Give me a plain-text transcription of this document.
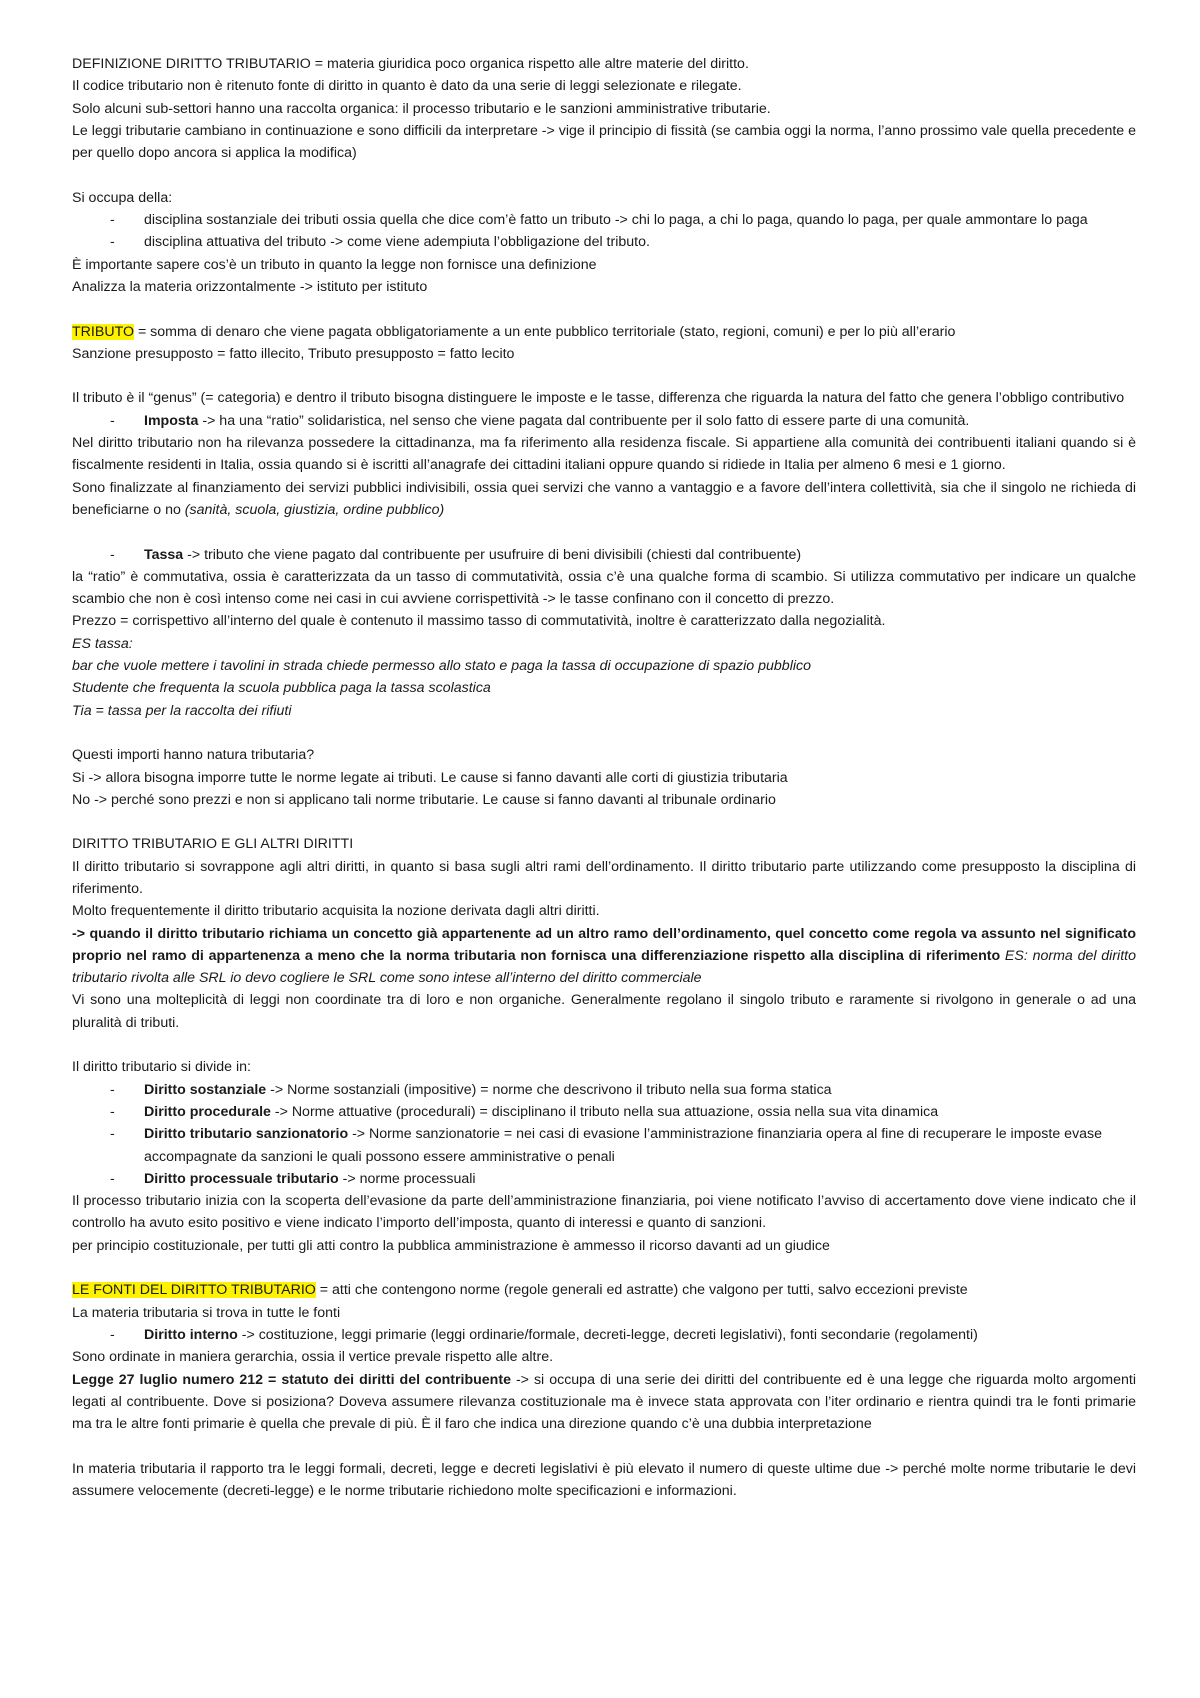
DEFINIZIONE DIRITTO TRIBUTARIO = materia giuridica poco organica rispetto alle altre materie del diritto.

Il codice tributario non è ritenuto fonte di diritto in quanto è dato da una serie di leggi selezionate e rilegate.

Solo alcuni sub-settori hanno una raccolta organica: il processo tributario e le sanzioni amministrative tributarie.

Le leggi tributarie cambiano in continuazione e sono difficili da interpretare -> vige il principio di fissità (se cambia oggi la norma, l’anno prossimo vale quella precedente e per quello dopo ancora si applica la modifica)

Si occupa della:

-	disciplina sostanziale dei tributi ossia quella che dice com’è fatto un tributo -> chi lo paga, a chi lo paga, quando lo paga, per quale ammontare lo paga
-	disciplina attuativa del tributo -> come viene adempiuta l’obbligazione del tributo.

È importante sapere cos’è un tributo in quanto la legge non fornisce una definizione

Analizza la materia orizzontalmente -> istituto per istituto

TRIBUTO = somma di denaro che viene pagata obbligatoriamente a un ente pubblico territoriale (stato, regioni, comuni) e per lo più all’erario

Sanzione presupposto = fatto illecito, Tributo presupposto = fatto lecito

Il tributo è il “genus” (= categoria) e dentro il tributo bisogna distinguere le imposte e le tasse, differenza che riguarda la natura del fatto che genera l’obbligo contributivo

-	Imposta -> ha una “ratio” solidaristica, nel senso che viene pagata dal contribuente per il solo fatto di essere parte di una comunità.

Nel diritto tributario non ha rilevanza possedere la cittadinanza, ma fa riferimento alla residenza fiscale. Si appartiene alla comunità dei contribuenti italiani quando si è fiscalmente residenti in Italia, ossia quando si è iscritti all’anagrafe dei cittadini italiani oppure quando si ridiede in Italia per almeno 6 mesi e 1 giorno.

Sono finalizzate al finanziamento dei servizi pubblici indivisibili, ossia quei servizi che vanno a vantaggio e a favore dell’intera collettività, sia che il singolo ne richieda di beneficiarne o no (sanità, scuola, giustizia, ordine pubblico)

-	Tassa -> tributo che viene pagato dal contribuente per usufruire di beni divisibili (chiesti dal contribuente)

la “ratio” è commutativa, ossia è caratterizzata da un tasso di commutatività, ossia c’è una qualche forma di scambio. Si utilizza commutativo per indicare un qualche scambio che non è così intenso come nei casi in cui avviene corrispettività -> le tasse confinano con il concetto di prezzo.

Prezzo = corrispettivo all’interno del quale è contenuto il massimo tasso di commutatività, inoltre è caratterizzato dalla negozialità.

ES tassa:

bar che vuole mettere i tavolini in strada chiede permesso allo stato e paga la tassa di occupazione di spazio pubblico

Studente che frequenta la scuola pubblica paga la tassa scolastica

Tia = tassa per la raccolta dei rifiuti

Questi importi hanno natura tributaria?

Si -> allora bisogna imporre tutte le norme legate ai tributi. Le cause si fanno davanti alle corti di giustizia tributaria

No -> perché sono prezzi e non si applicano tali norme tributarie. Le cause si fanno davanti al tribunale ordinario

DIRITTO TRIBUTARIO E GLI ALTRI DIRITTI

Il diritto tributario si sovrappone agli altri diritti, in quanto si basa sugli altri rami dell’ordinamento. Il diritto tributario parte utilizzando come presupposto la disciplina di riferimento.

Molto frequentemente il diritto tributario acquisita la nozione derivata dagli altri diritti.

-> quando il diritto tributario richiama un concetto già appartenente ad un altro ramo dell’ordinamento, quel concetto come regola va assunto nel significato proprio nel ramo di appartenenza a meno che la norma tributaria non fornisca una differenziazione rispetto alla disciplina di riferimento ES: norma del diritto tributario rivolta alle SRL io devo cogliere le SRL come sono intese all’interno del diritto commerciale

Vi sono una molteplicità di leggi non coordinate tra di loro e non organiche. Generalmente regolano il singolo tributo e raramente si rivolgono in generale o ad una pluralità di tributi.

Il diritto tributario si divide in:

-	Diritto sostanziale -> Norme sostanziali (impositive) = norme che descrivono il tributo nella sua forma statica
-	Diritto procedurale -> Norme attuative (procedurali) = disciplinano il tributo nella sua attuazione, ossia nella sua vita dinamica
-	Diritto tributario sanzionatorio -> Norme sanzionatorie = nei casi di evasione l’amministrazione finanziaria opera al fine di recuperare le imposte evase accompagnate da sanzioni le quali possono essere amministrative o penali
-	Diritto processuale tributario -> norme processuali

Il processo tributario inizia con la scoperta dell’evasione da parte dell’amministrazione finanziaria, poi viene notificato l’avviso di accertamento dove viene indicato che il controllo ha avuto esito positivo e viene indicato l’importo dell’imposta, quanto di interessi e quanto di sanzioni.

per principio costituzionale, per tutti gli atti contro la pubblica amministrazione è ammesso il ricorso davanti ad un giudice

LE FONTI DEL DIRITTO TRIBUTARIO = atti che contengono norme (regole generali ed astratte) che valgono per tutti, salvo eccezioni previste

La materia tributaria si trova in tutte le fonti

-	Diritto interno -> costituzione, leggi primarie (leggi ordinarie/formale, decreti-legge, decreti legislativi), fonti secondarie (regolamenti)

Sono ordinate in maniera gerarchia, ossia il vertice prevale rispetto alle altre.

Legge 27 luglio numero 212 = statuto dei diritti del contribuente -> si occupa di una serie dei diritti del contribuente ed è una legge che riguarda molto argomenti legati al contribuente. Dove si posiziona? Doveva assumere rilevanza costituzionale ma è invece stata approvata con l’iter ordinario e rientra quindi tra le fonti primarie ma tra le altre fonti primarie è quella che prevale di più. È il faro che indica una direzione quando c’è una dubbia interpretazione

In materia tributaria il rapporto tra le leggi formali, decreti, legge e decreti legislativi è più elevato il numero di queste ultime due -> perché molte norme tributarie le devi assumere velocemente (decreti-legge) e le norme tributarie richiedono molte specificazioni e informazioni.
